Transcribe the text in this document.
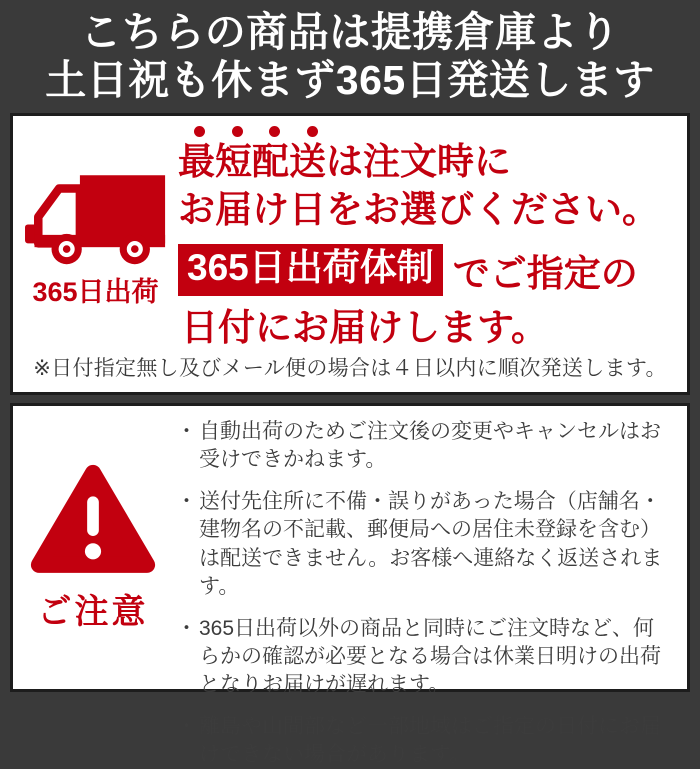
こちらの商品は提携倉庫より
土日祝も休まず365日発送します
365日出荷
最短配送は注文時に
お届け日をお選びください。
365日出荷体制 でご指定の
日付にお届けします。
※日付指定無し及びメール便の場合は４日以内に順次発送します。
ご注意
・ 自動出荷のためご注文後の変更やキャンセルはお受けできかねます。
・ 送付先住所に不備・誤りがあった場合（店舗名・建物名の不記載、郵便局への居住未登録を含む）は配送できません。お客様へ連絡なく返送されます。
・ 365日出荷以外の商品と同時にご注文時など、何らかの確認が必要となる場合は休業日明けの出荷となりお届けが遅れます。
・ 離島や山間部など一部地域はご指定の日付にお届けできない場合があります。
